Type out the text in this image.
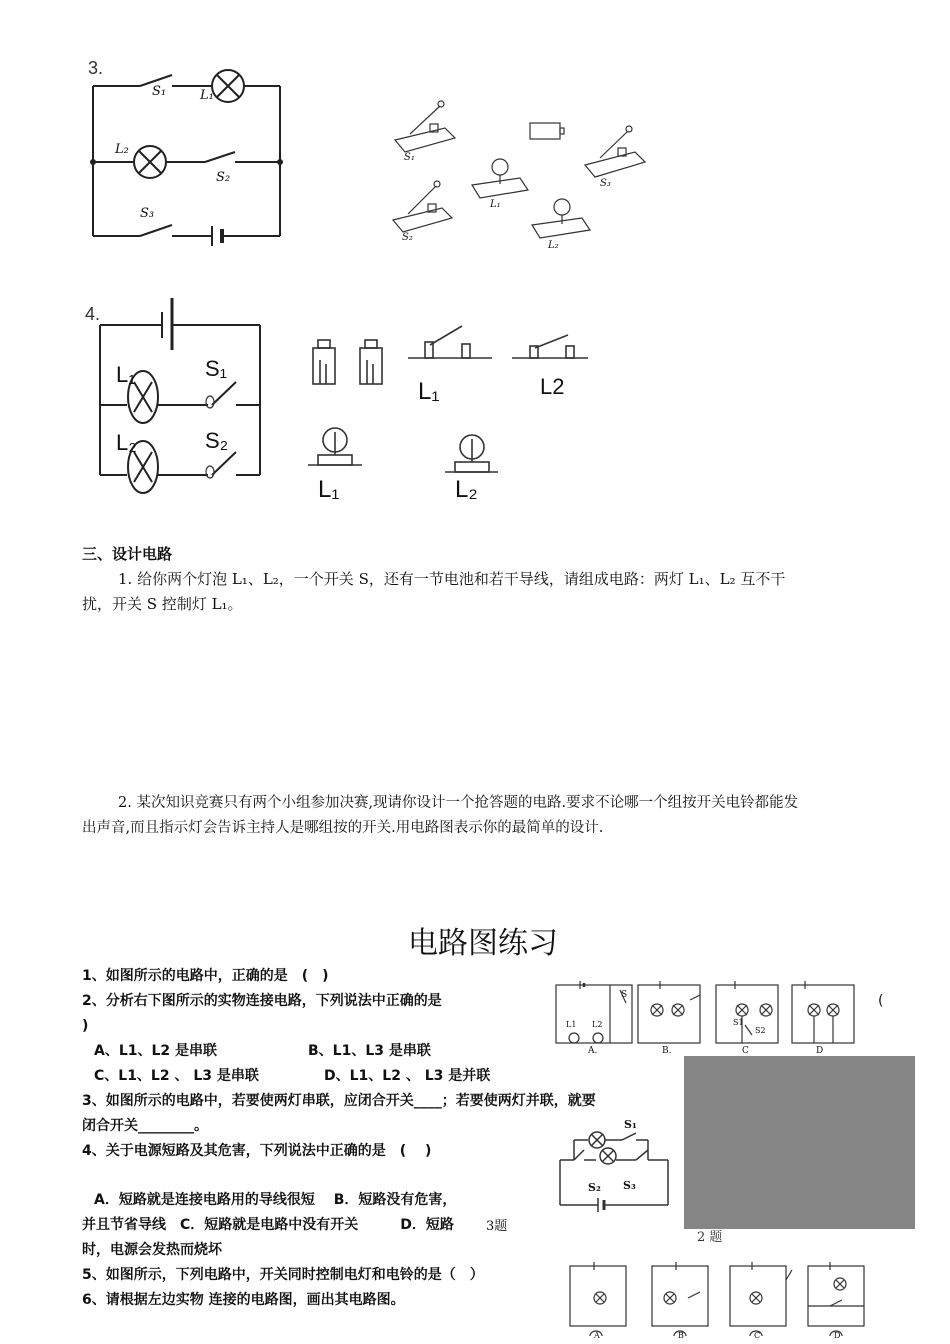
3.
S₁	L₁
L₂
S₂
S₃
S₁
S₃
S₂
L₁
L₂
4.
L₁
L₂
S₁
S₂
L₁	L2
L₁	L₂
三、设计电路
1. 给你两个灯泡 L₁、L₂，一个开关 S，还有一节电池和若干导线，请组成电路：两灯 L₁、L₂ 互不干
扰，开关 S 控制灯 L₁。
2. 某次知识竞赛只有两个小组参加决赛,现请你设计一个抢答题的电路.要求不论哪一个组按开关电铃都能发
出声音,而且指示灯会告诉主持人是哪组按的开关.用电路图表示你的最简单的设计.
电路图练习
1、如图所示的电路中，正确的是　(　)
2、分析右下图所示的实物连接电路，下列说法中正确的是	(
)
A、L1、L2 是串联	B、L1、L3 是串联
C、L1、L2 、 L3 是串联	D、L1、L2 、 L3 是并联
3、如图所示的电路中，若要使两灯串联，应闭合开关____；若要使两灯并联，就要
闭合开关________。
4、关于电源短路及其危害，下列说法中正确的是　(　 )
A．短路就是连接电路用的导线很短　 B．短路没有危害，
并且节省导线　C．短路就是电路中没有开关　　　D．短路
时，电源会发热而烧坏
5、如图所示，下列电路中，开关同时控制电灯和电铃的是（　）
6、请根据左边实物 连接的电路图，画出其电路图。
A.	B.	C	D
S
L1 L2	S1
S2
2 题
S₁
S₂ S₃
3题
A	B	C	D
